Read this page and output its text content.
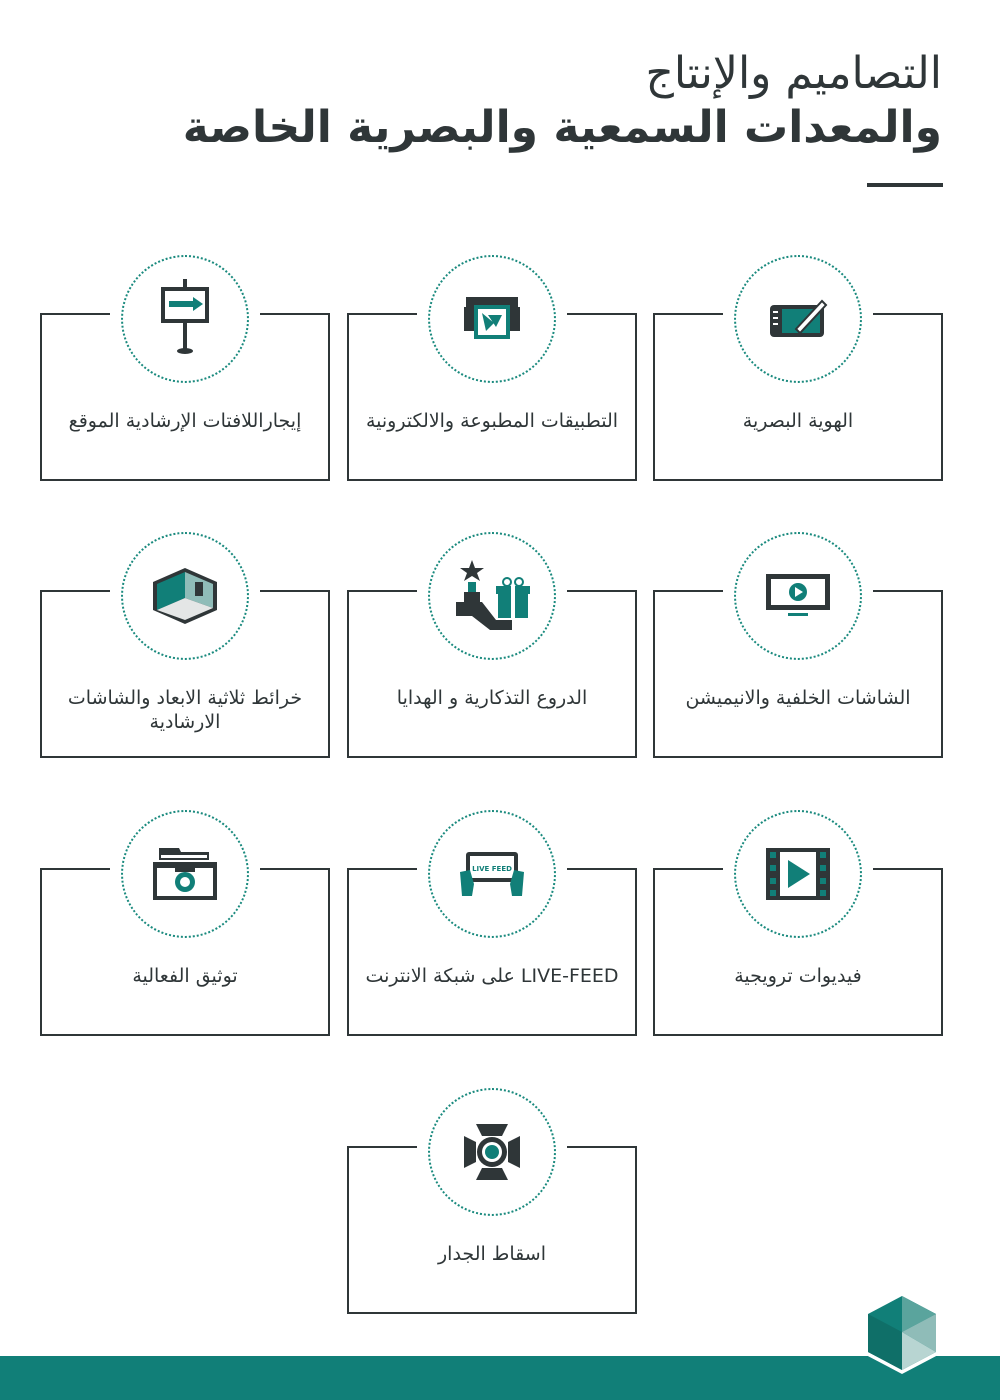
التصاميم والإنتاج
والمعدات السمعية والبصرية الخاصة
الهوية البصرية
التطبيقات المطبوعة والالكترونية
إيجاراللافتات الإرشادية الموقع
الشاشات الخلفية والانيميشن
الدروع التذكارية و الهدايا
خرائط ثلاثية الابعاد والشاشات الارشادية
فيديوات ترويجية
LIVE FEED
LIVE-FEED على شبكة الانترنت
توثيق الفعالية
اسقاط الجدار
